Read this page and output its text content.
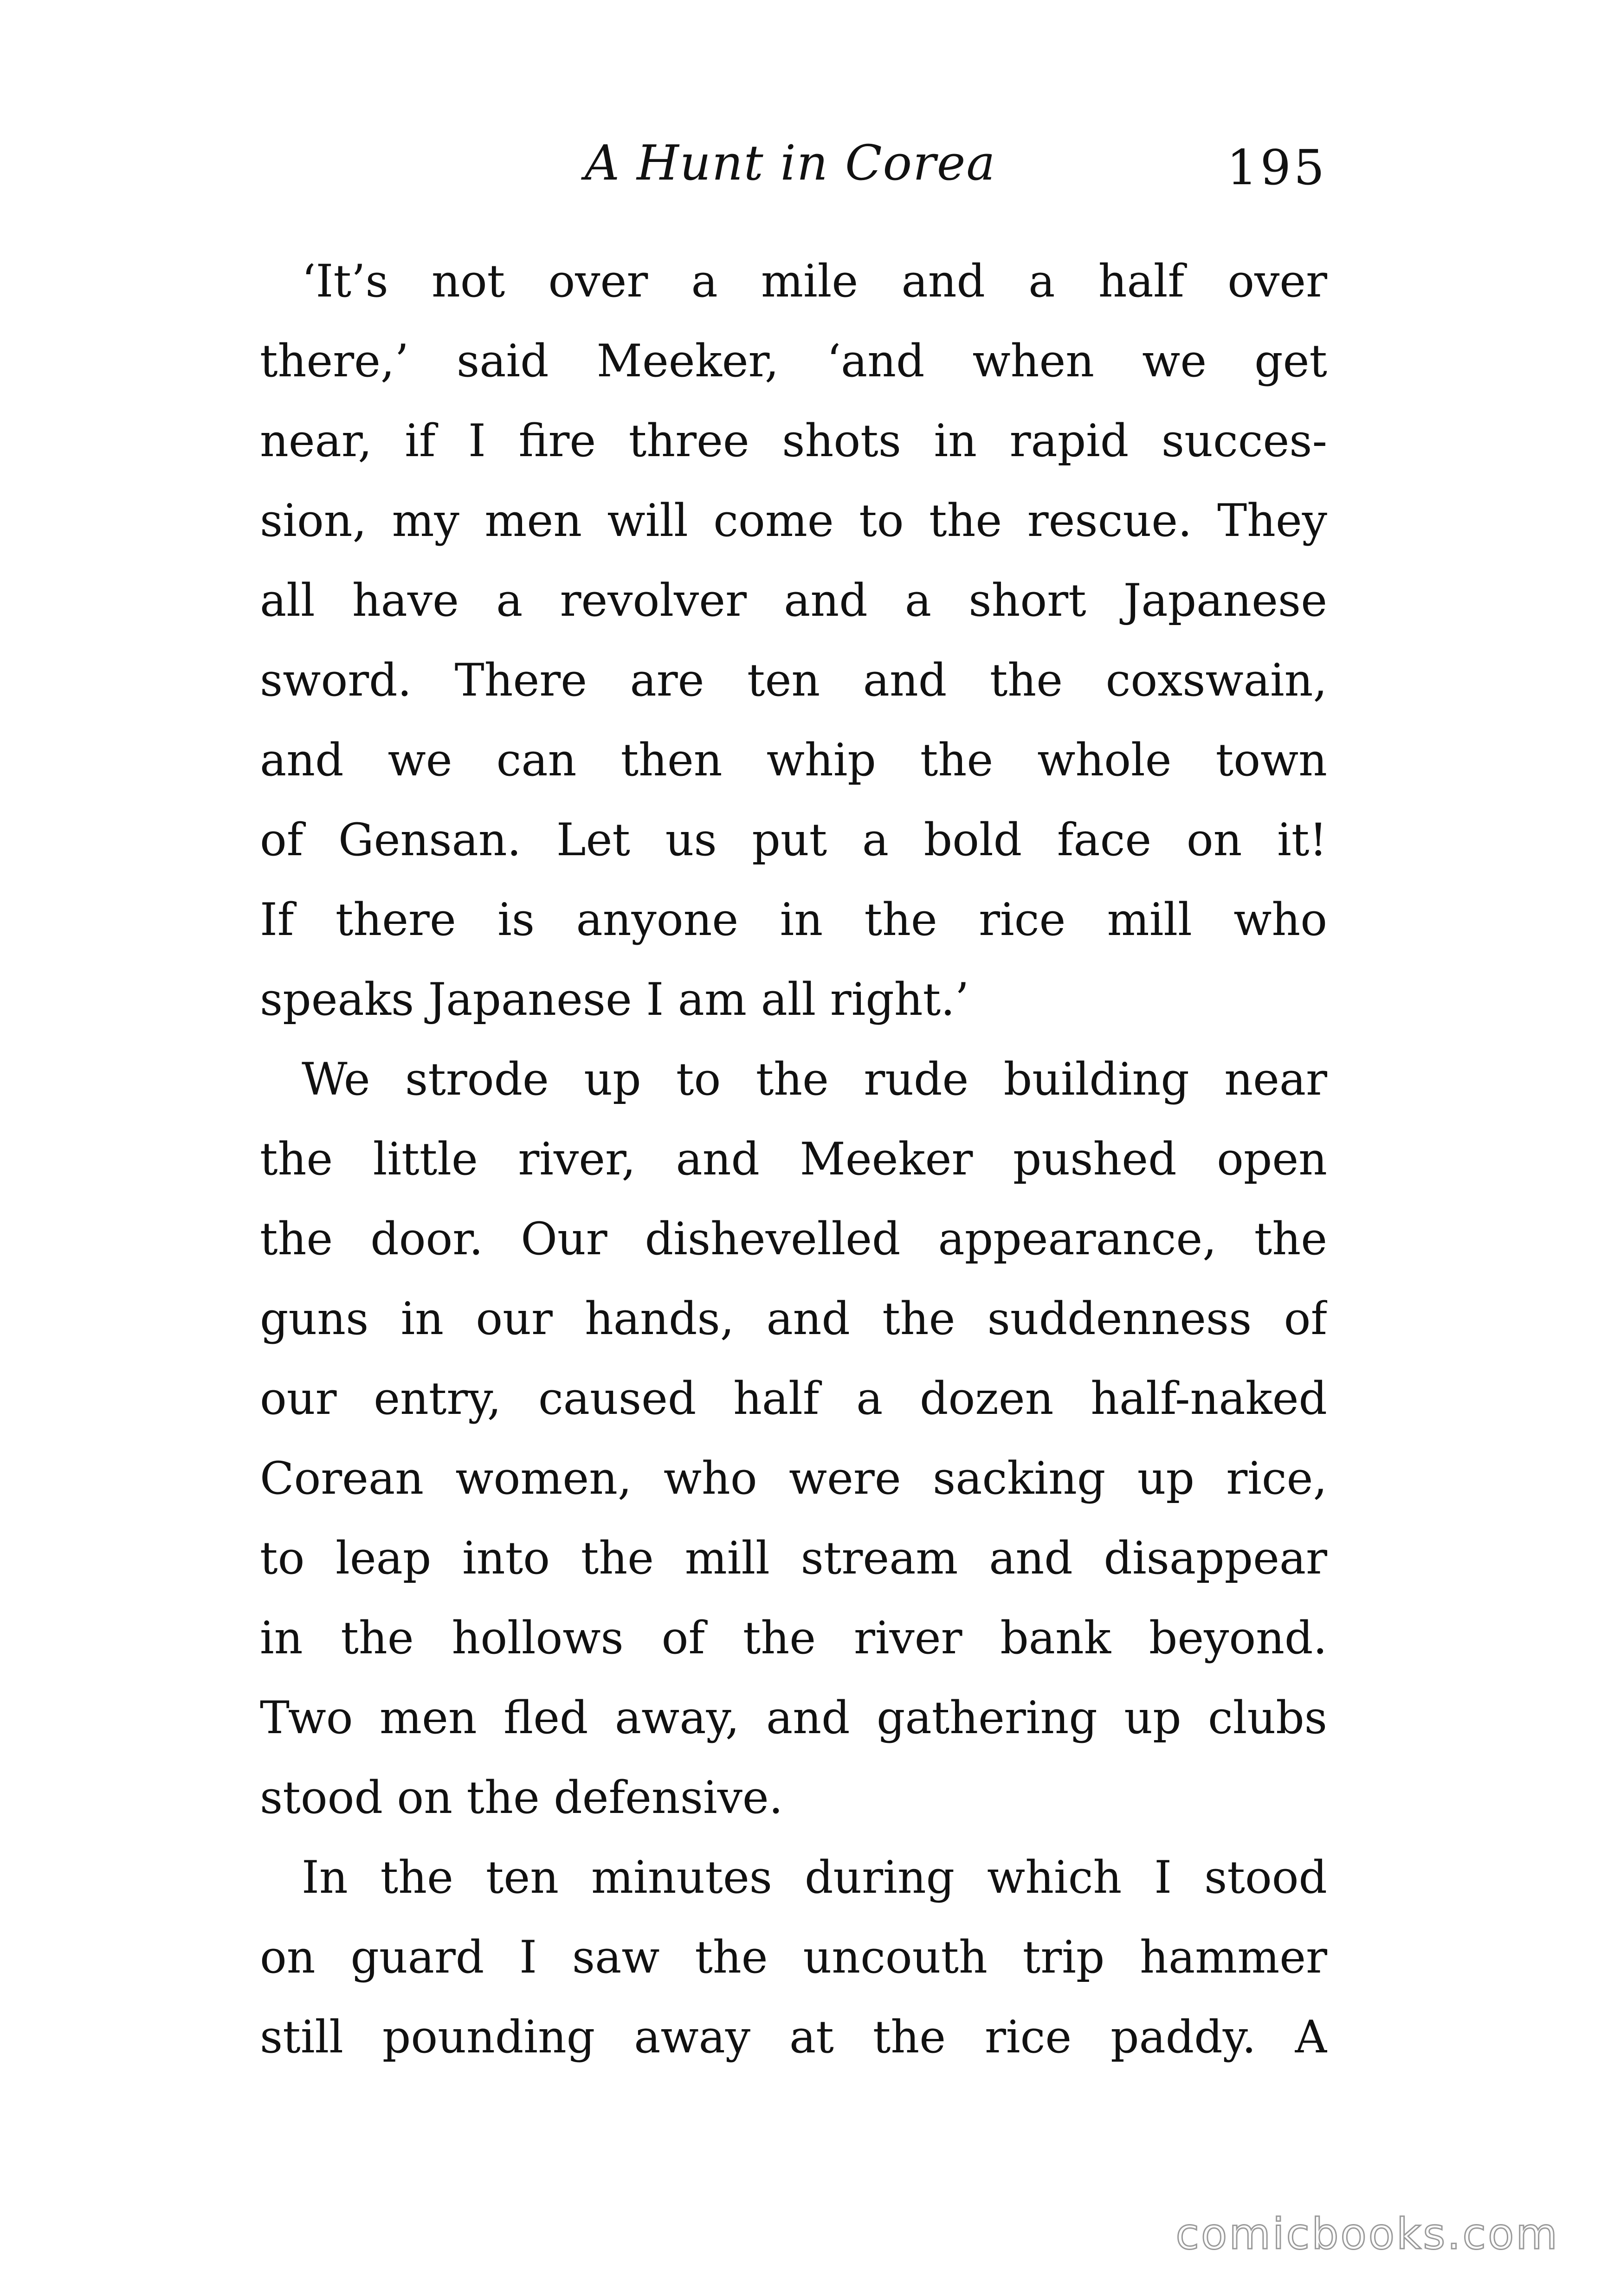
A Hunt in Corea	195

‘It’s not over a mile and a half over
there,’ said Meeker, ‘and when we get
near, if I fire three shots in rapid succes-
sion, my men will come to the rescue. They
all have a revolver and a short Japanese
sword. There are ten and the coxswain,
and we can then whip the whole town
of Gensan. Let us put a bold face on it!
If there is anyone in the rice mill who
speaks Japanese I am all right.’

We strode up to the rude building near
the little river, and Meeker pushed open
the door. Our dishevelled appearance, the
guns in our hands, and the suddenness of
our entry, caused half a dozen half-naked
Corean women, who were sacking up rice,
to leap into the mill stream and disappear
in the hollows of the river bank beyond.
Two men fled away, and gathering up clubs
stood on the defensive.

In the ten minutes during which I stood
on guard I saw the uncouth trip hammer
still pounding away at the rice paddy. A

comicbooks.com
